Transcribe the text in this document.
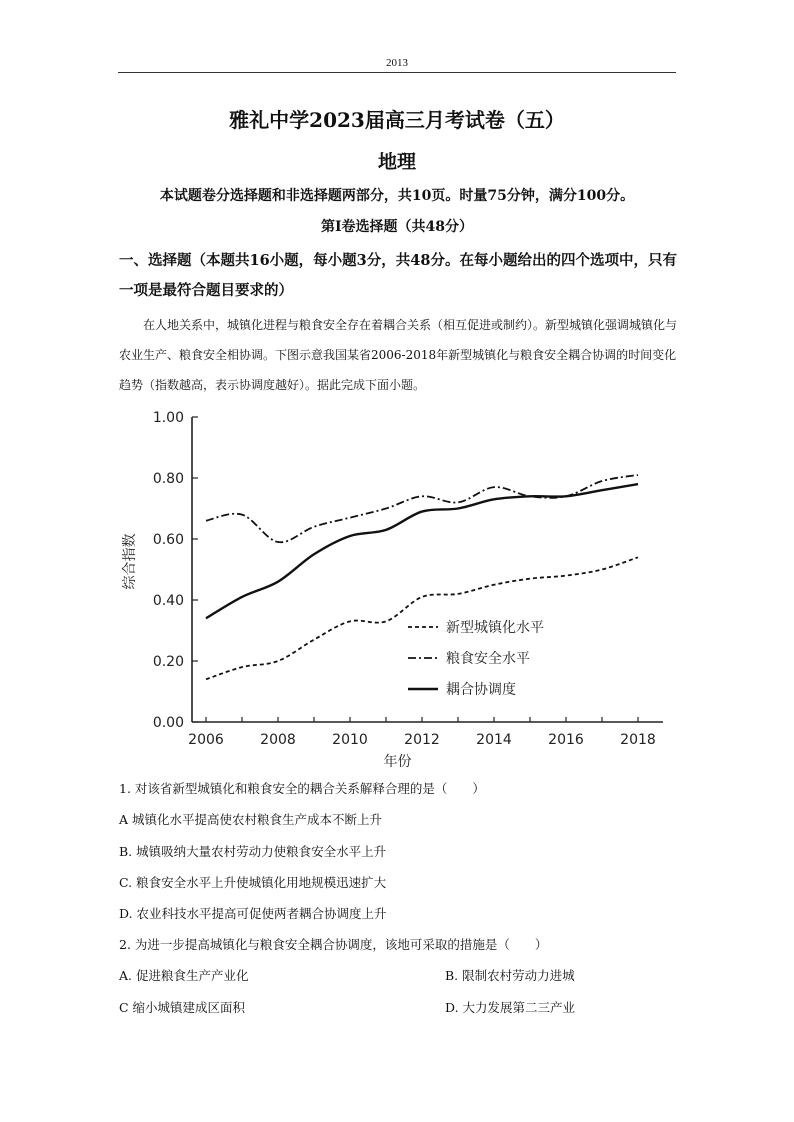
2013
雅礼中学2023届高三月考试卷（五）
地理
本试题卷分选择题和非选择题两部分，共10页。时量75分钟，满分100分。
第Ⅰ卷选择题（共48分）
一、选择题（本题共16小题，每小题3分，共48分。在每小题给出的四个选项中，只有一项是最符合题目要求的）
在人地关系中，城镇化进程与粮食安全存在着耦合关系（相互促进或制约）。新型城镇化强调城镇化与农业生产、粮食安全相协调。下图示意我国某省2006-2018年新型城镇化与粮食安全耦合协调的时间变化趋势（指数越高，表示协调度越好）。据此完成下面小题。
0.00
0.20
0.40
0.60
0.80
1.00
2006	2008	2010	2012	2014	2016	2018
年份
综合指数
新型城镇化水平
粮食安全水平
耦合协调度
1. 对该省新型城镇化和粮食安全的耦合关系解释合理的是（　　）
A 城镇化水平提高使农村粮食生产成本不断上升
B. 城镇吸纳大量农村劳动力使粮食安全水平上升
C. 粮食安全水平上升使城镇化用地规模迅速扩大
D. 农业科技水平提高可促使两者耦合协调度上升
2. 为进一步提高城镇化与粮食安全耦合协调度，该地可采取的措施是（　　）
A. 促进粮食生产产业化	B. 限制农村劳动力进城
C 缩小城镇建成区面积	D. 大力发展第二三产业
